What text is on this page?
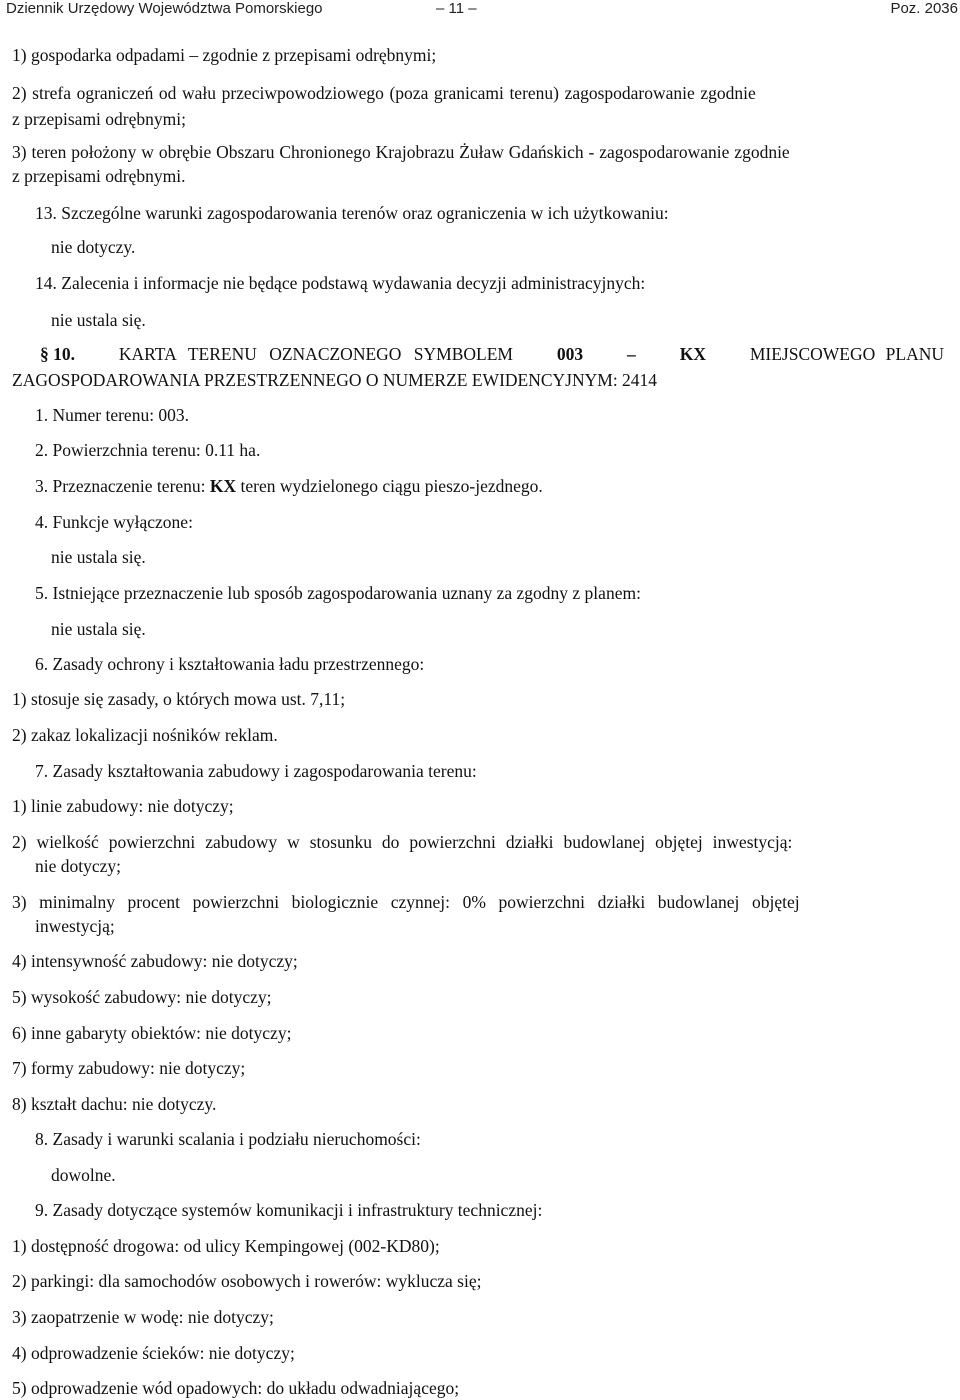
Dziennik Urzędowy Województwa Pomorskiego	– 11 –	Poz. 2036
1) gospodarka odpadami – zgodnie z przepisami odrębnymi;
2) strefa ograniczeń od wału przeciwpowodziowego (poza granicami terenu) zagospodarowanie zgodnie
z przepisami odrębnymi;
3) teren położony w obrębie Obszaru Chronionego Krajobrazu Żuław Gdańskich - zagospodarowanie zgodnie
z przepisami odrębnymi.
13. Szczególne warunki zagospodarowania terenów oraz ograniczenia w ich użytkowaniu:
nie dotyczy.
14. Zalecenia i informacje nie będące podstawą wydawania decyzji administracyjnych:
nie ustala się.
§ 10.	KARTA TERENU OZNACZONEGO SYMBOLEM	003	–	KX	MIEJSCOWEGO PLANU
ZAGOSPODAROWANIA PRZESTRZENNEGO O NUMERZE EWIDENCYJNYM: 2414
1. Numer terenu: 003.
2. Powierzchnia terenu: 0.11 ha.
3. Przeznaczenie terenu: KX teren wydzielonego ciągu pieszo-jezdnego.
4. Funkcje wyłączone:
nie ustala się.
5. Istniejące przeznaczenie lub sposób zagospodarowania uznany za zgodny z planem:
nie ustala się.
6. Zasady ochrony i kształtowania ładu przestrzennego:
1) stosuje się zasady, o których mowa ust. 7,11;
2) zakaz lokalizacji nośników reklam.
7. Zasady kształtowania zabudowy i zagospodarowania terenu:
1) linie zabudowy: nie dotyczy;
2) wielkość powierzchni zabudowy w stosunku do powierzchni działki budowlanej objętej inwestycją:
nie dotyczy;
3) minimalny procent powierzchni biologicznie czynnej: 0% powierzchni działki budowlanej objętej
inwestycją;
4) intensywność zabudowy: nie dotyczy;
5) wysokość zabudowy: nie dotyczy;
6) inne gabaryty obiektów: nie dotyczy;
7) formy zabudowy: nie dotyczy;
8) kształt dachu: nie dotyczy.
8. Zasady i warunki scalania i podziału nieruchomości:
dowolne.
9. Zasady dotyczące systemów komunikacji i infrastruktury technicznej:
1) dostępność drogowa: od ulicy Kempingowej (002-KD80);
2) parkingi: dla samochodów osobowych i rowerów: wyklucza się;
3) zaopatrzenie w wodę: nie dotyczy;
4) odprowadzenie ścieków: nie dotyczy;
5) odprowadzenie wód opadowych: do układu odwadniającego;
